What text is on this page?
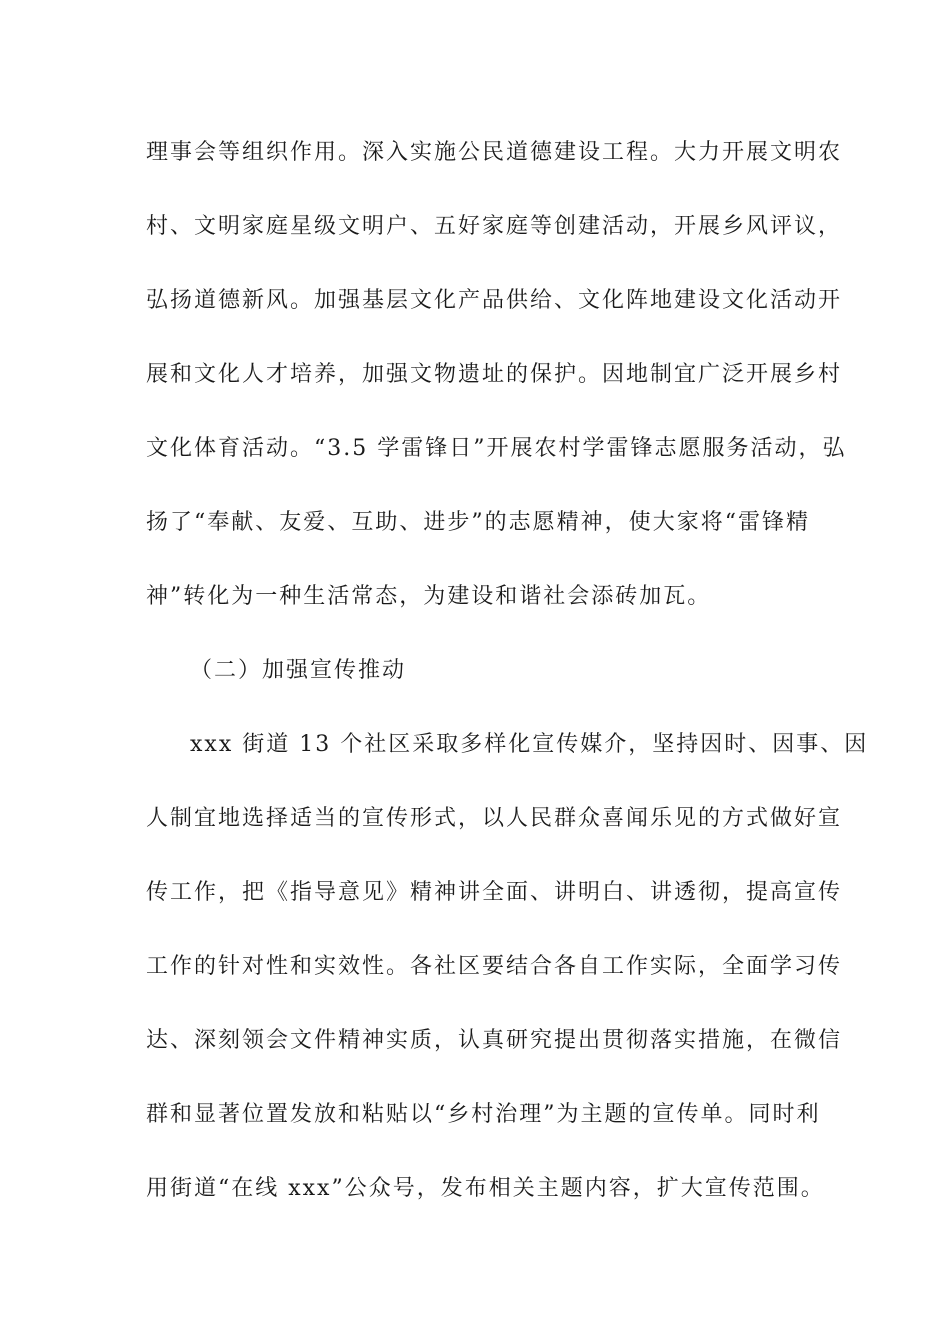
理事会等组织作用。深入实施公民道德建设工程。大力开展文明农
村、文明家庭星级文明户、五好家庭等创建活动，开展乡风评议，
弘扬道德新风。加强基层文化产品供给、文化阵地建设文化活动开
展和文化人才培养，加强文物遗址的保护。因地制宜广泛开展乡村
文化体育活动。“3.5 学雷锋日”开展农村学雷锋志愿服务活动，弘
扬了“奉献、友爱、互助、进步”的志愿精神，使大家将“雷锋精
神”转化为一种生活常态，为建设和谐社会添砖加瓦。
（二）加强宣传推动
xxx 街道 13 个社区采取多样化宣传媒介，坚持因时、因事、因
人制宜地选择适当的宣传形式，以人民群众喜闻乐见的方式做好宣
传工作，把《指导意见》精神讲全面、讲明白、讲透彻，提高宣传
工作的针对性和实效性。各社区要结合各自工作实际，全面学习传
达、深刻领会文件精神实质，认真研究提出贯彻落实措施，在微信
群和显著位置发放和粘贴以“乡村治理”为主题的宣传单。同时利
用街道“在线 xxx”公众号，发布相关主题内容，扩大宣传范围。
